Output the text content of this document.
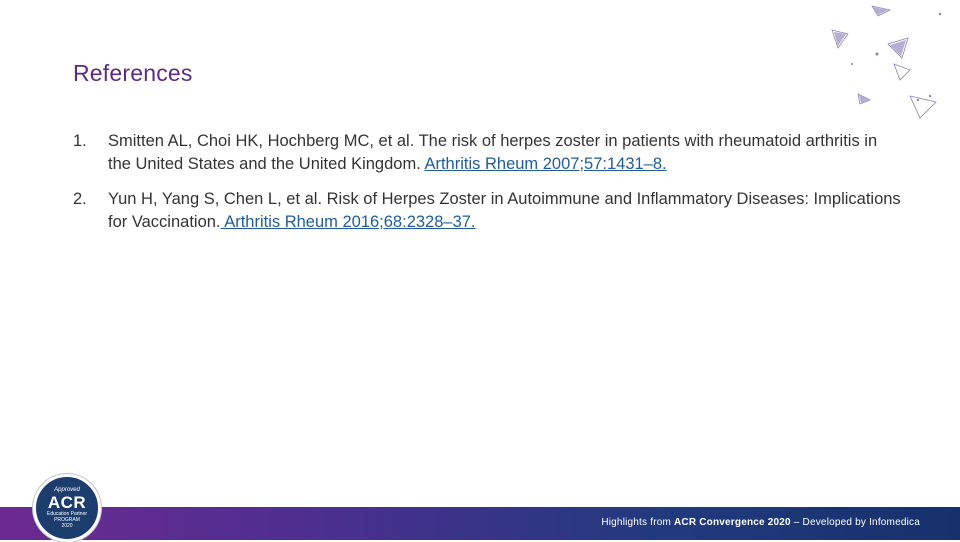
References
1. Smitten AL, Choi HK, Hochberg MC, et al. The risk of herpes zoster in patients with rheumatoid arthritis in the United States and the United Kingdom. Arthritis Rheum 2007;57:1431–8.
2. Yun H, Yang S, Chen L, et al. Risk of Herpes Zoster in Autoimmune and Inflammatory Diseases: Implications for Vaccination. Arthritis Rheum 2016;68:2328–37.
Highlights from ACR Convergence 2020 – Developed by Infomedica
Approved
ACR
Education Partner
PROGRAM
2020
